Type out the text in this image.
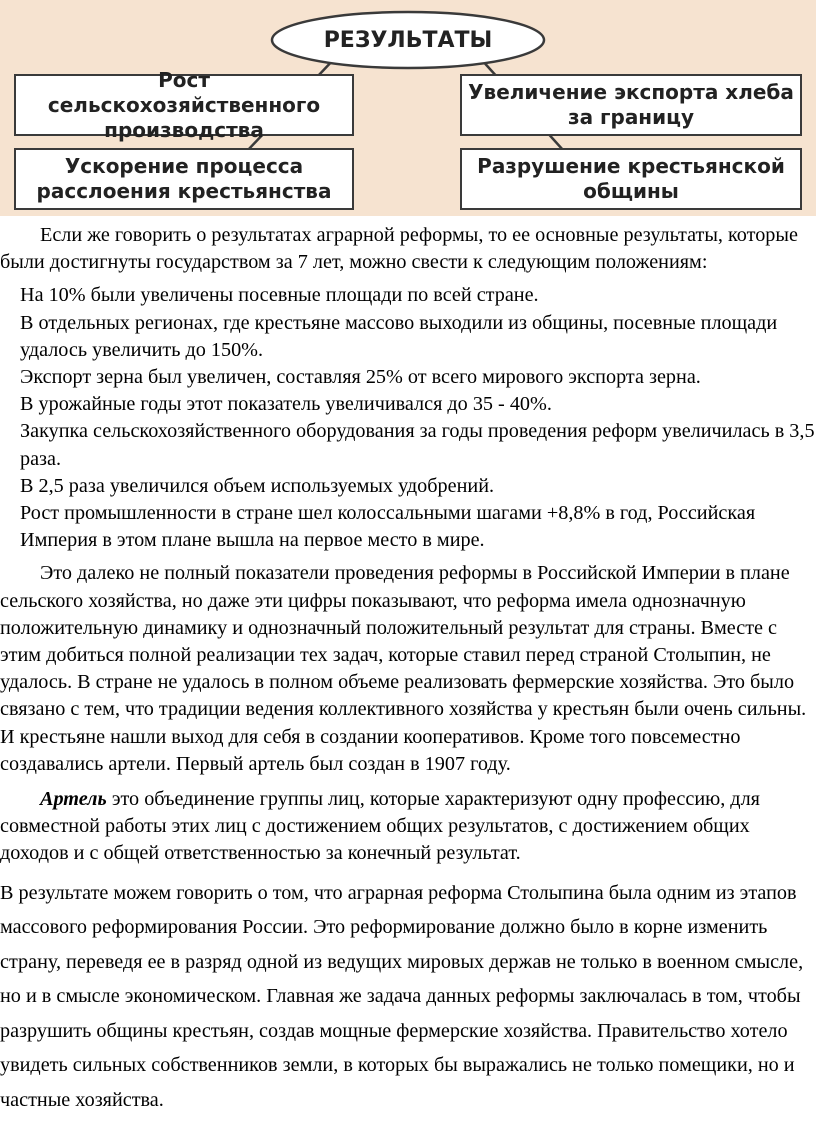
РЕЗУЛЬТАТЫ
Рост сельскохозяйственного производства
Увеличение экспорта хлеба за границу
Ускорение процесса расслоения крестьянства
Разрушение крестьянской общины

Если же говорить о результатах аграрной реформы, то ее основные результаты, которые были достигнуты государством за 7 лет, можно свести к следующим положениям:

На 10% были увеличены посевные площади по всей стране.
В отдельных регионах, где крестьяне массово выходили из общины, посевные площади удалось увеличить до 150%.
Экспорт зерна был увеличен, составляя 25% от всего мирового экспорта зерна.
В урожайные годы этот показатель увеличивался до 35 - 40%.
Закупка сельскохозяйственного оборудования за годы проведения реформ увеличилась в 3,5 раза.
В 2,5 раза увеличился объем используемых удобрений.
Рост промышленности в стране шел колоссальными шагами +8,8% в год, Российская Империя в этом плане вышла на первое место в мире.

Это далеко не полный показатели проведения реформы в Российской Империи в плане сельского хозяйства, но даже эти цифры показывают, что реформа имела однозначную положительную динамику и однозначный положительный результат для страны. Вместе с этим добиться полной реализации тех задач, которые ставил перед страной Столыпин, не удалось. В стране не удалось в полном объеме реализовать фермерские хозяйства. Это было связано с тем, что традиции ведения коллективного хозяйства у крестьян были очень сильны. И крестьяне нашли выход для себя в создании кооперативов. Кроме того повсеместно создавались артели. Первый артель был создан в 1907 году.

Артель это объединение группы лиц, которые характеризуют одну профессию, для совместной работы этих лиц с достижением общих результатов, с достижением общих доходов и с общей ответственностью за конечный результат.

В результате можем говорить о том, что аграрная реформа Столыпина была одним из этапов массового реформирования России. Это реформирование должно было в корне изменить страну, переведя ее в разряд одной из ведущих мировых держав не только в военном смысле, но и в смысле экономическом. Главная же задача данных реформы заключалась в том, чтобы разрушить общины крестьян, создав мощные фермерские хозяйства. Правительство хотело увидеть сильных собственников земли, в которых бы выражались не только помещики, но и частные хозяйства.
